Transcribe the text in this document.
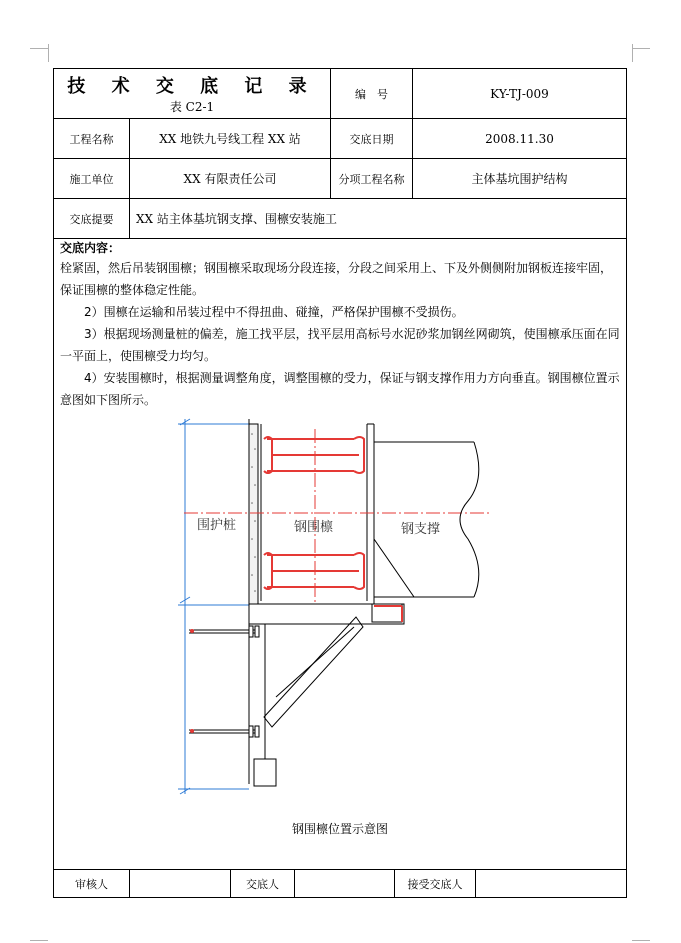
技 术 交 底 记 录
表 C2-1
编　号	KY-TJ-009
工程名称	XX 地铁九号线工程 XX 站	交底日期	2008.11.30
施工单位	XX 有限责任公司	分项工程名称	主体基坑围护结构
交底提要	XX 站主体基坑钢支撑、围檩安装施工
交底内容：
栓紧固，然后吊装钢围檩；钢围檩采取现场分段连接，分段之间采用上、下及外侧侧附加钢板连接牢固，保证围檩的整体稳定性能。
　　2）围檩在运输和吊装过程中不得扭曲、碰撞，严格保护围檩不受损伤。
　　3）根据现场测量桩的偏差，施工找平层，找平层用高标号水泥砂浆加钢丝网砌筑，使围檩承压面在同一平面上，使围檩受力均匀。
　　4）安装围檩时，根据测量调整角度，调整围檩的受力，保证与钢支撑作用力方向垂直。钢围檩位置示意图如下图所示。
围护桩	钢围檩	钢支撑
钢围檩位置示意图
审核人	交底人	接受交底人
